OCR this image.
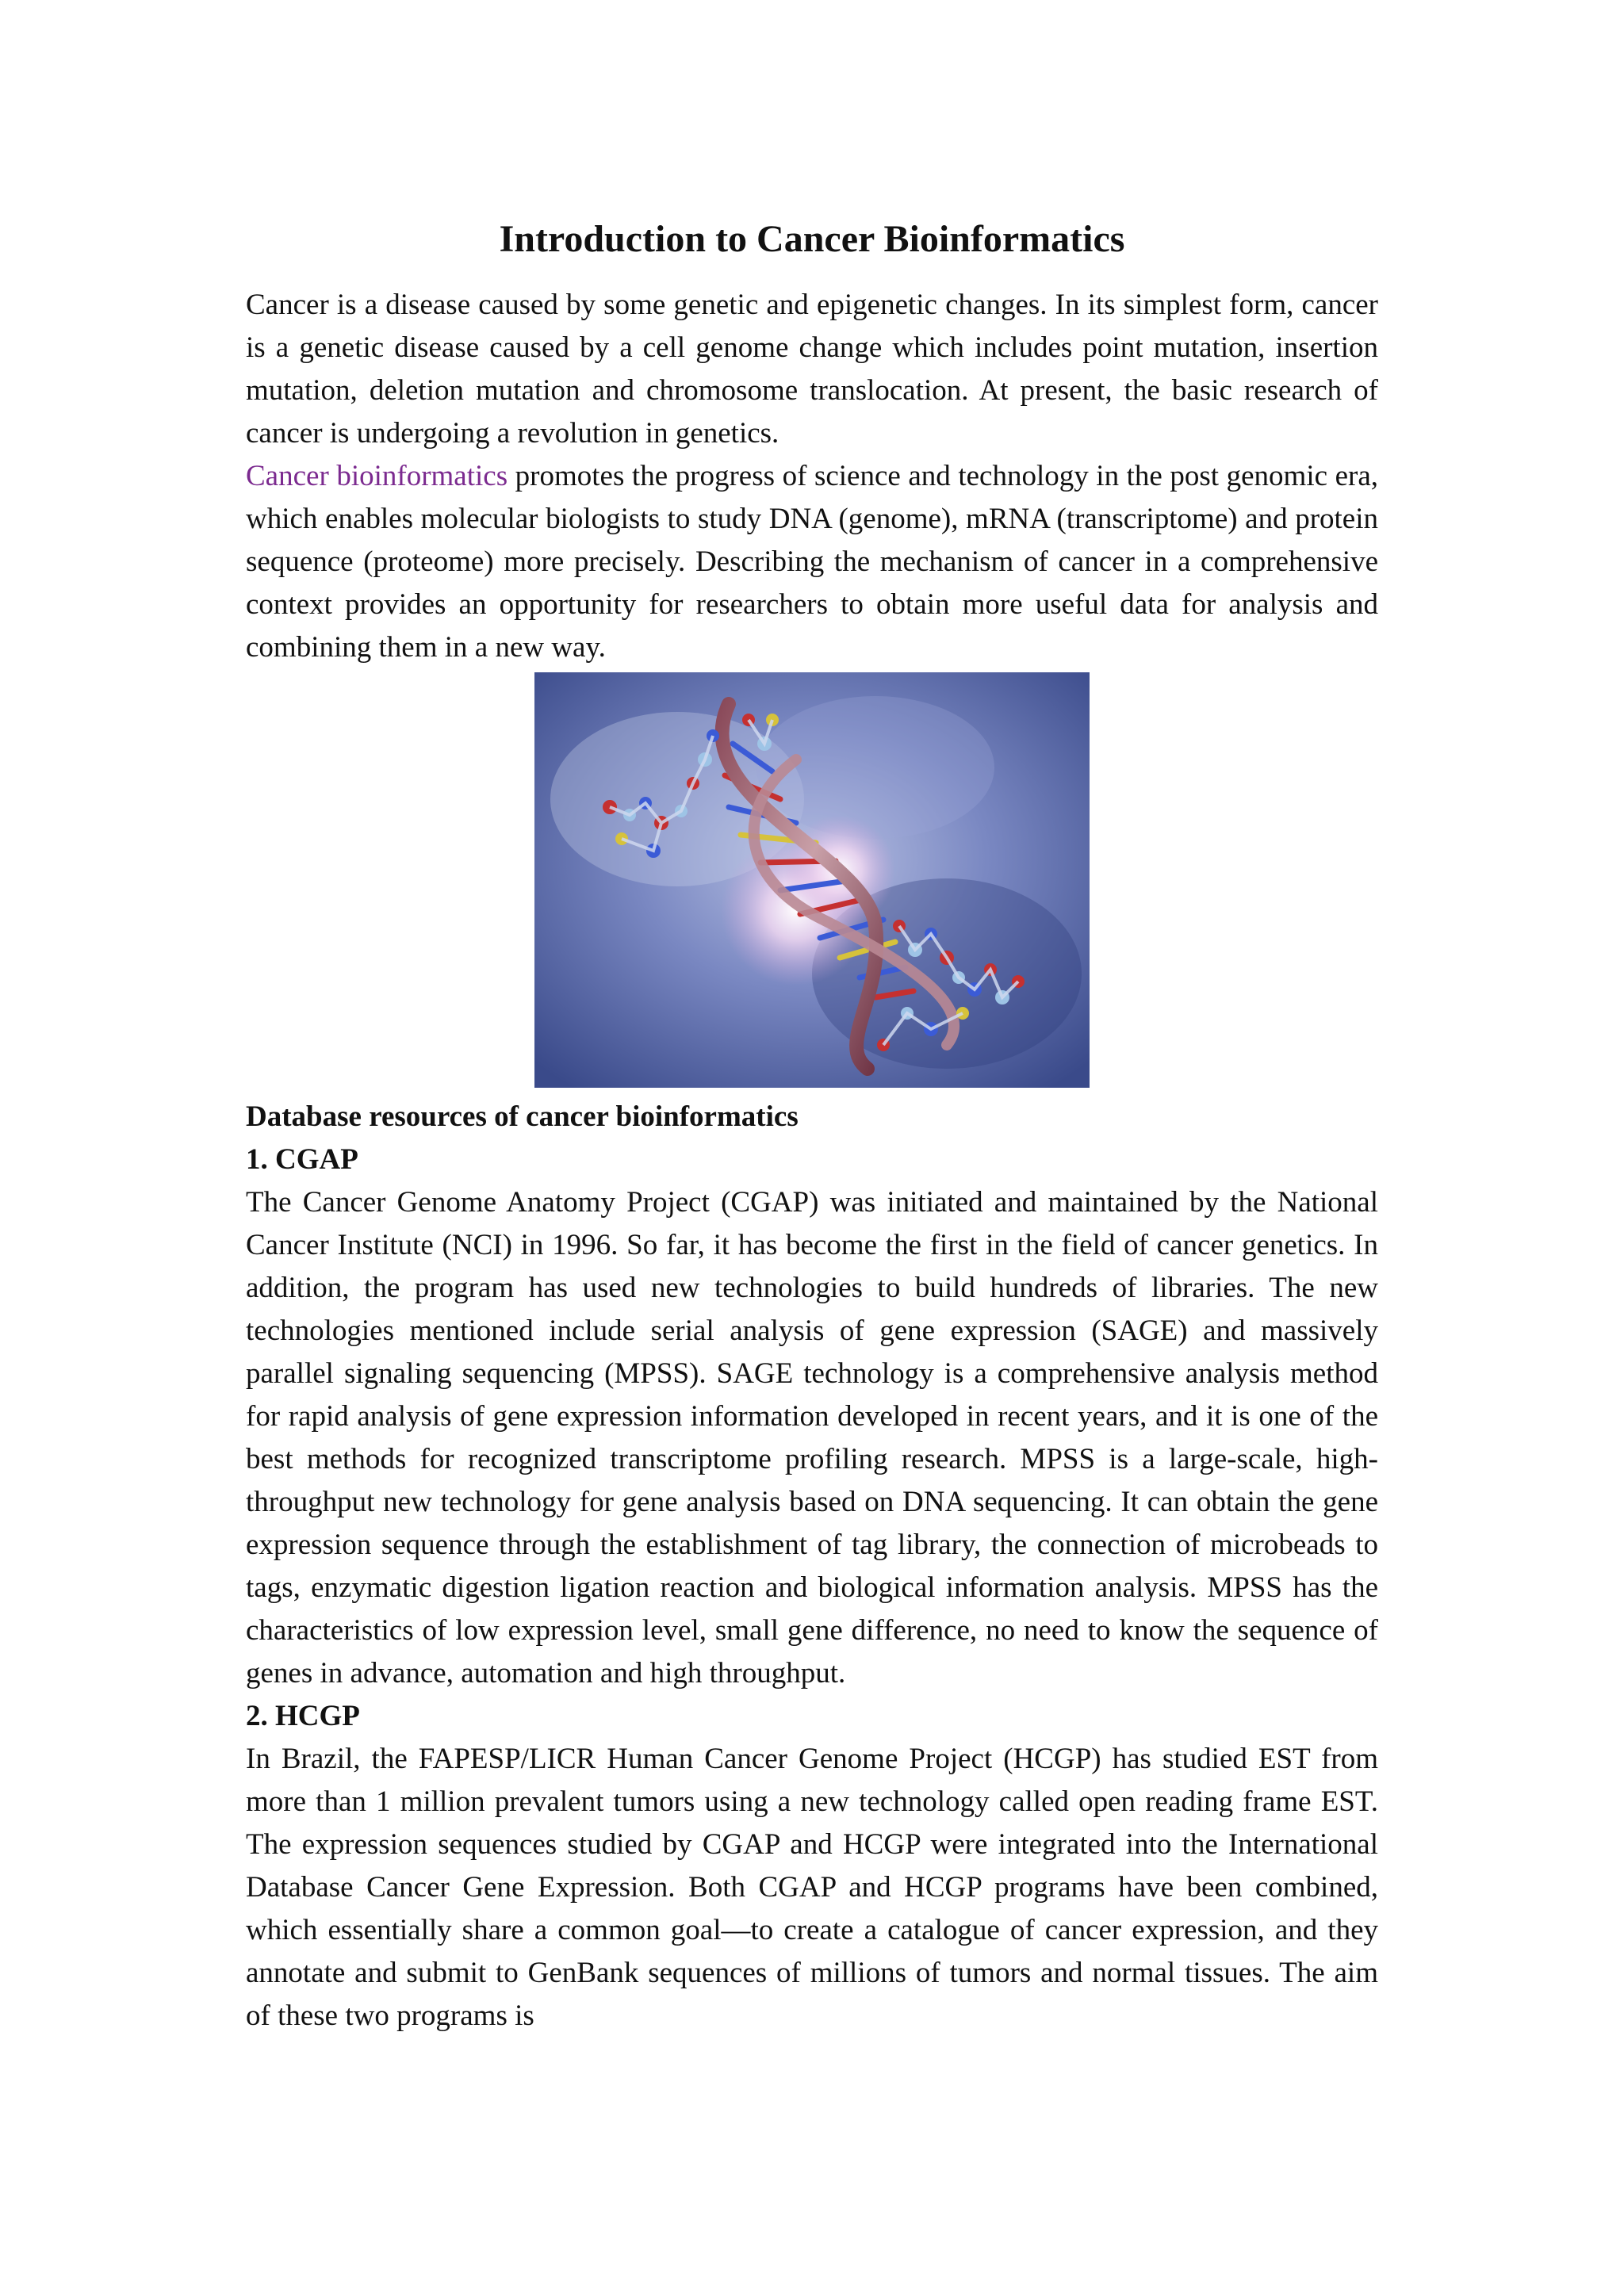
Introduction to Cancer Bioinformatics

Cancer is a disease caused by some genetic and epigenetic changes. In its simplest form, cancer is a genetic disease caused by a cell genome change which includes point mutation, insertion mutation, deletion mutation and chromosome translocation. At present, the basic research of cancer is undergoing a revolution in genetics.

Cancer bioinformatics promotes the progress of science and technology in the post genomic era, which enables molecular biologists to study DNA (genome), mRNA (transcriptome) and protein sequence (proteome) more precisely. Describing the mechanism of cancer in a comprehensive context provides an opportunity for researchers to obtain more useful data for analysis and combining them in a new way.

Database resources of cancer bioinformatics
1. CGAP

The Cancer Genome Anatomy Project (CGAP) was initiated and maintained by the National Cancer Institute (NCI) in 1996. So far, it has become the first in the field of cancer genetics. In addition, the program has used new technologies to build hundreds of libraries. The new technologies mentioned include serial analysis of gene expression (SAGE) and massively parallel signaling sequencing (MPSS). SAGE technology is a comprehensive analysis method for rapid analysis of gene expression information developed in recent years, and it is one of the best methods for recognized transcriptome profiling research. MPSS is a large-scale, high-throughput new technology for gene analysis based on DNA sequencing. It can obtain the gene expression sequence through the establishment of tag library, the connection of microbeads to tags, enzymatic digestion ligation reaction and biological information analysis. MPSS has the characteristics of low expression level, small gene difference, no need to know the sequence of genes in advance, automation and high throughput.

2. HCGP

In Brazil, the FAPESP/LICR Human Cancer Genome Project (HCGP) has studied EST from more than 1 million prevalent tumors using a new technology called open reading frame EST. The expression sequences studied by CGAP and HCGP were integrated into the International Database Cancer Gene Expression. Both CGAP and HCGP programs have been combined, which essentially share a common goal—to create a catalogue of cancer expression, and they annotate and submit to GenBank sequences of millions of tumors and normal tissues. The aim of these two programs is
